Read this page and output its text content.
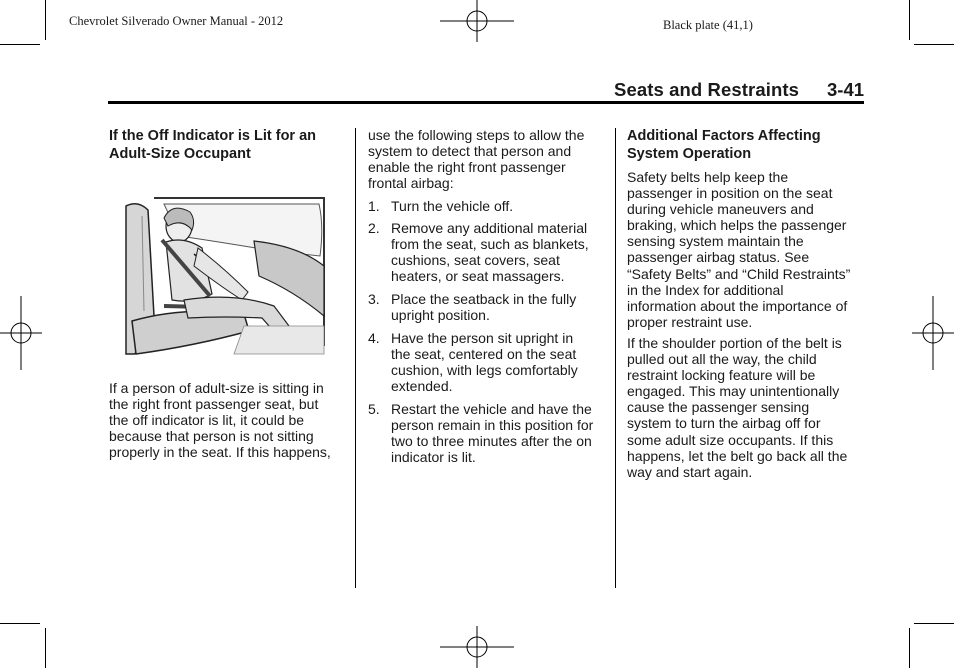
Chevrolet Silverado Owner Manual - 2012	Black plate (41,1)
Seats and Restraints 3-41

If the Off Indicator is Lit for an

Adult-Size Occupant

If a person of adult-size is sitting in

the right front passenger seat, but

the off indicator is lit, it could be

because that person is not sitting

properly in the seat. If this happens,

use the following steps to allow the

system to detect that person and

enable the right front passenger

frontal airbag:

1. Turn the vehicle off.

2. Remove any additional material

from the seat, such as blankets,

cushions, seat covers, seat

heaters, or seat massagers.

3. Place the seatback in the fully

upright position.

4. Have the person sit upright in

the seat, centered on the seat

cushion, with legs comfortably

extended.

5. Restart the vehicle and have the

person remain in this position for

two to three minutes after the on

indicator is lit.

Additional Factors Affecting

System Operation

Safety belts help keep the

passenger in position on the seat

during vehicle maneuvers and

braking, which helps the passenger

sensing system maintain the

passenger airbag status. See

“Safety Belts” and “Child Restraints”

in the Index for additional

information about the importance of

proper restraint use.

If the shoulder portion of the belt is

pulled out all the way, the child

restraint locking feature will be

engaged. This may unintentionally

cause the passenger sensing

system to turn the airbag off for

some adult size occupants. If this

happens, let the belt go back all the

way and start again.
